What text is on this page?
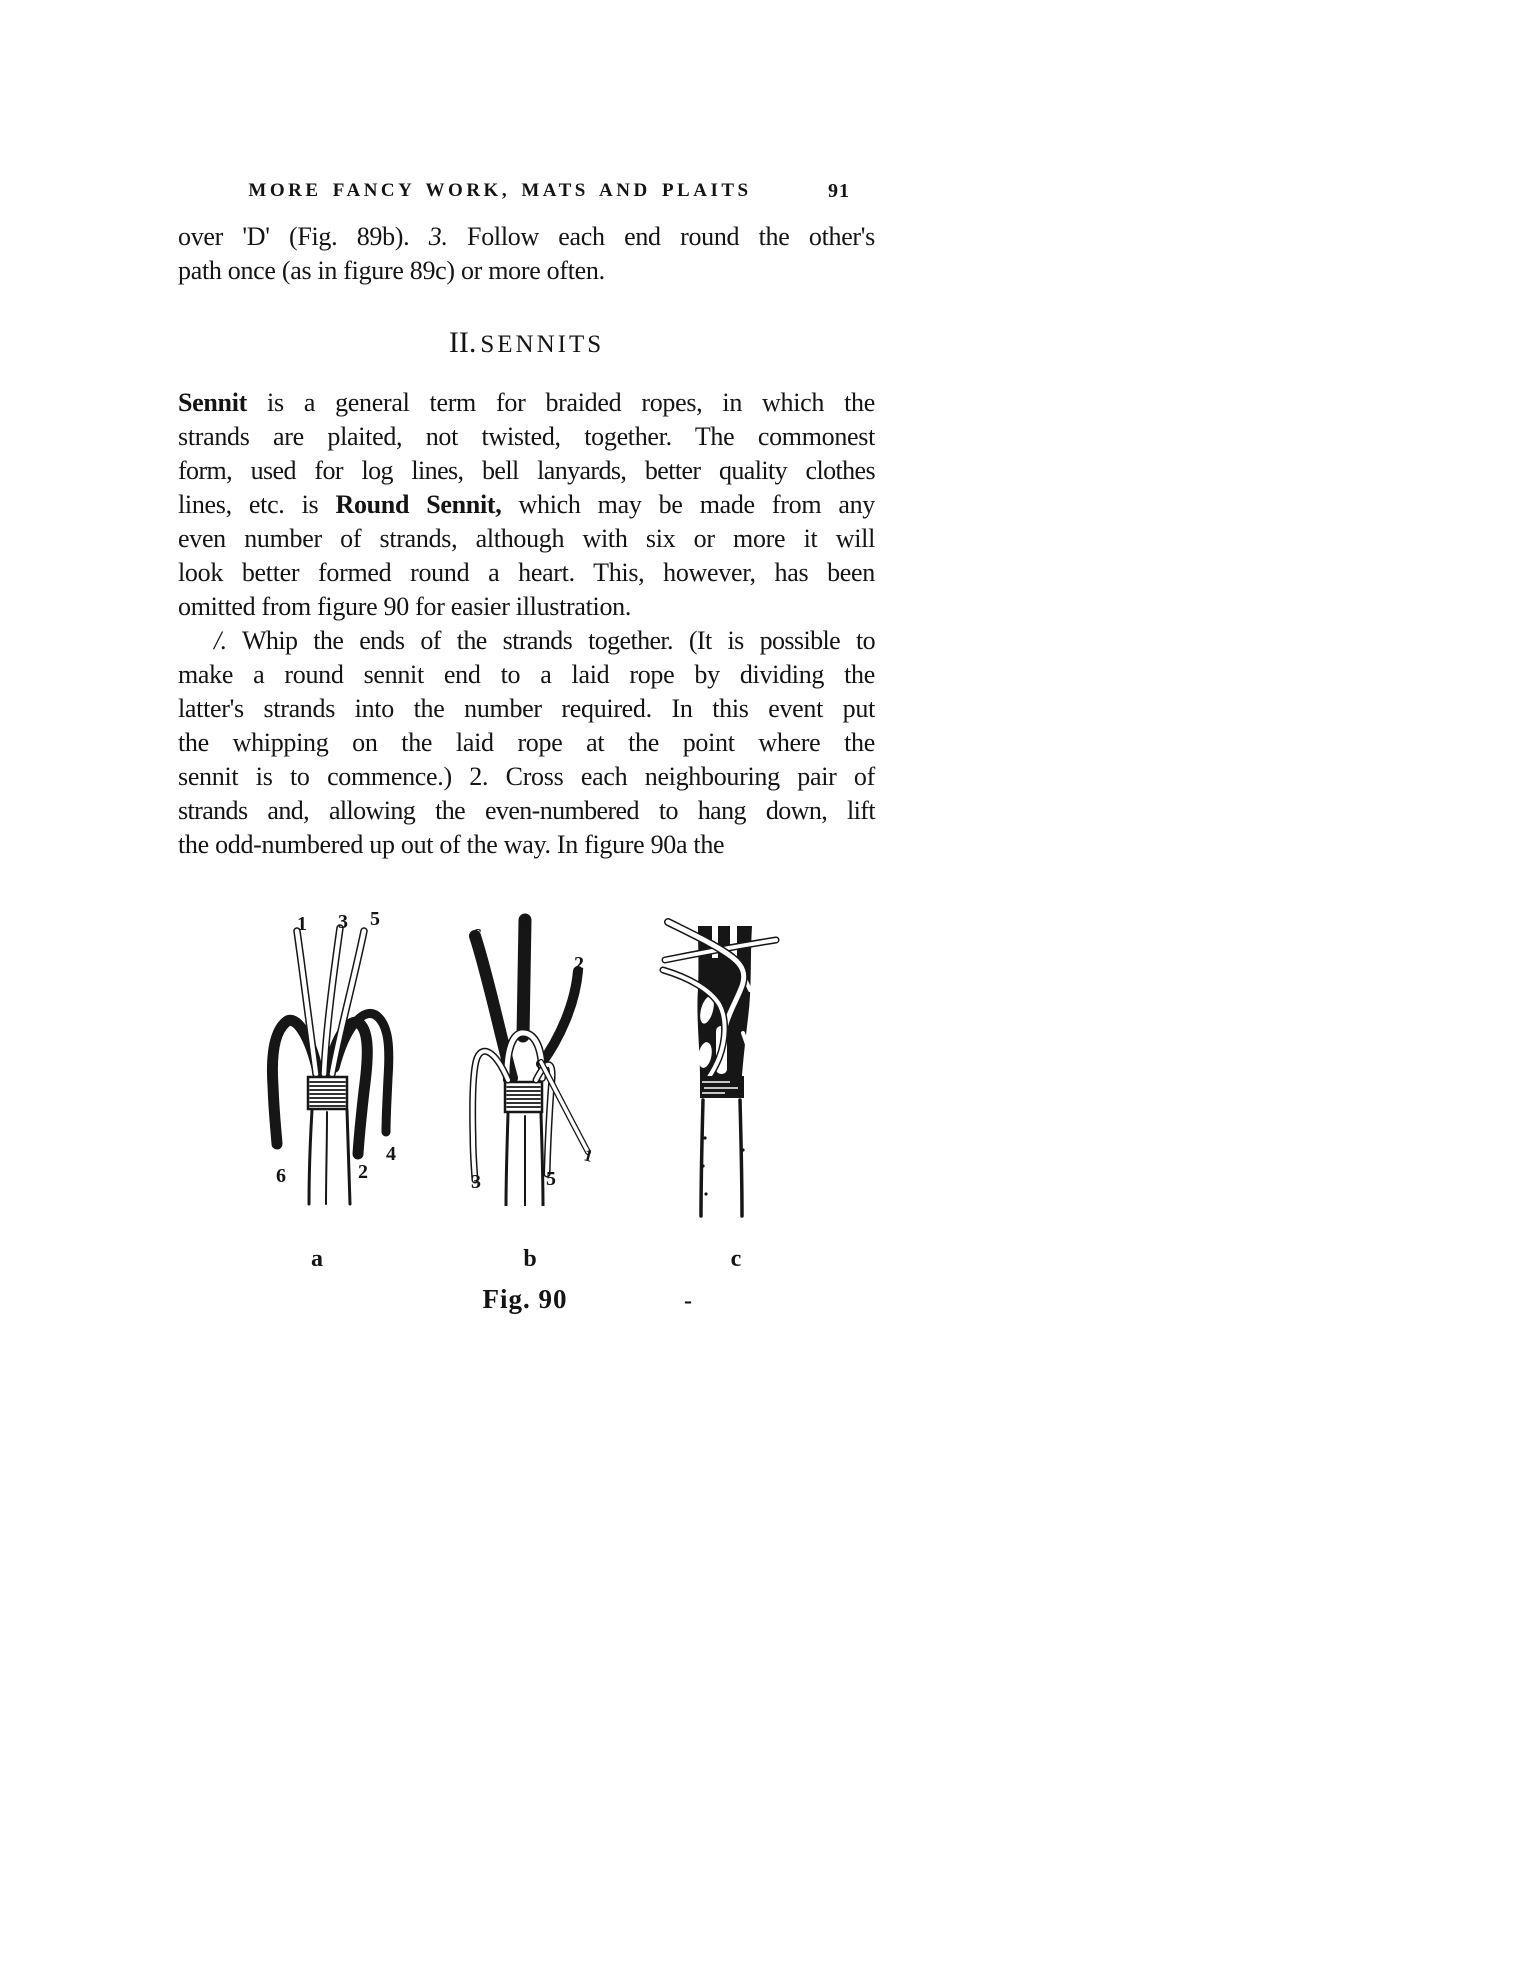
MORE FANCY WORK, MATS AND PLAITS	91
over 'D' (Fig. 89b). 3. Follow each end round the other's
path once (as in figure 89c) or more often.
II. SENNITS
Sennit is a general term for braided ropes, in which the
strands are plaited, not twisted, together. The commonest
form, used for log lines, bell lanyards, better quality clothes
lines, etc. is Round Sennit, which may be made from any
even number of strands, although with six or more it will
look better formed round a heart. This, however, has been
omitted from figure 90 for easier illustration.
/. Whip the ends of the strands together. (It is possible to
make a round sennit end to a laid rope by dividing the
latter's strands into the number required. In this event put
the whipping on the laid rope at the point where the
sennit is to commence.) 2. Cross each neighbouring pair of
strands and, allowing the even-numbered to hang down, lift
the odd-numbered up out of the way. In figure 90a the
1 3 5
6	2
4
6
4
2
3	5
1
a	b	c
Fig. 90	-
